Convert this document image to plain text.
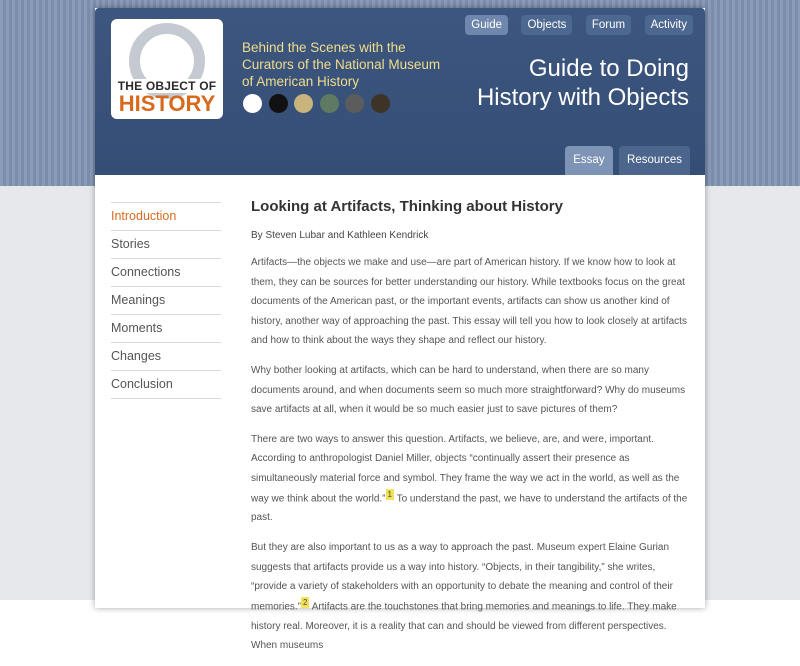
THE OBJECT OF
HISTORY
Behind the Scenes with the Curators of the National Museum of American History
Guide Objects Forum Activity
Guide to Doing
History with Objects
Essay Resources
Introduction
Stories
Connections
Meanings
Moments
Changes
Conclusion
Looking at Artifacts, Thinking about History

By Steven Lubar and Kathleen Kendrick

Artifacts—the objects we make and use—are part of American history. If we know how to look at them, they can be sources for better understanding our history. While textbooks focus on the great documents of the American past, or the important events, artifacts can show us another kind of history, another way of approaching the past. This essay will tell you how to look closely at artifacts and how to think about the ways they shape and reflect our history.

Why bother looking at artifacts, which can be hard to understand, when there are so many documents around, and when documents seem so much more straightforward? Why do museums save artifacts at all, when it would be so much easier just to save pictures of them?

There are two ways to answer this question. Artifacts, we believe, are, and were, important. According to anthropologist Daniel Miller, objects “continually assert their presence as simultaneously material force and symbol. They frame the way we act in the world, as well as the way we think about the world.” 1 To understand the past, we have to understand the artifacts of the past.

But they are also important to us as a way to approach the past. Museum expert Elaine Gurian suggests that artifacts provide us a way into history. “Objects, in their tangibility,” she writes, “provide a variety of stakeholders with an opportunity to debate the meaning and control of their memories.” 2 Artifacts are the touchstones that bring memories and meanings to life. They make history real. Moreover, it is a reality that can and should be viewed from different perspectives. When museums
